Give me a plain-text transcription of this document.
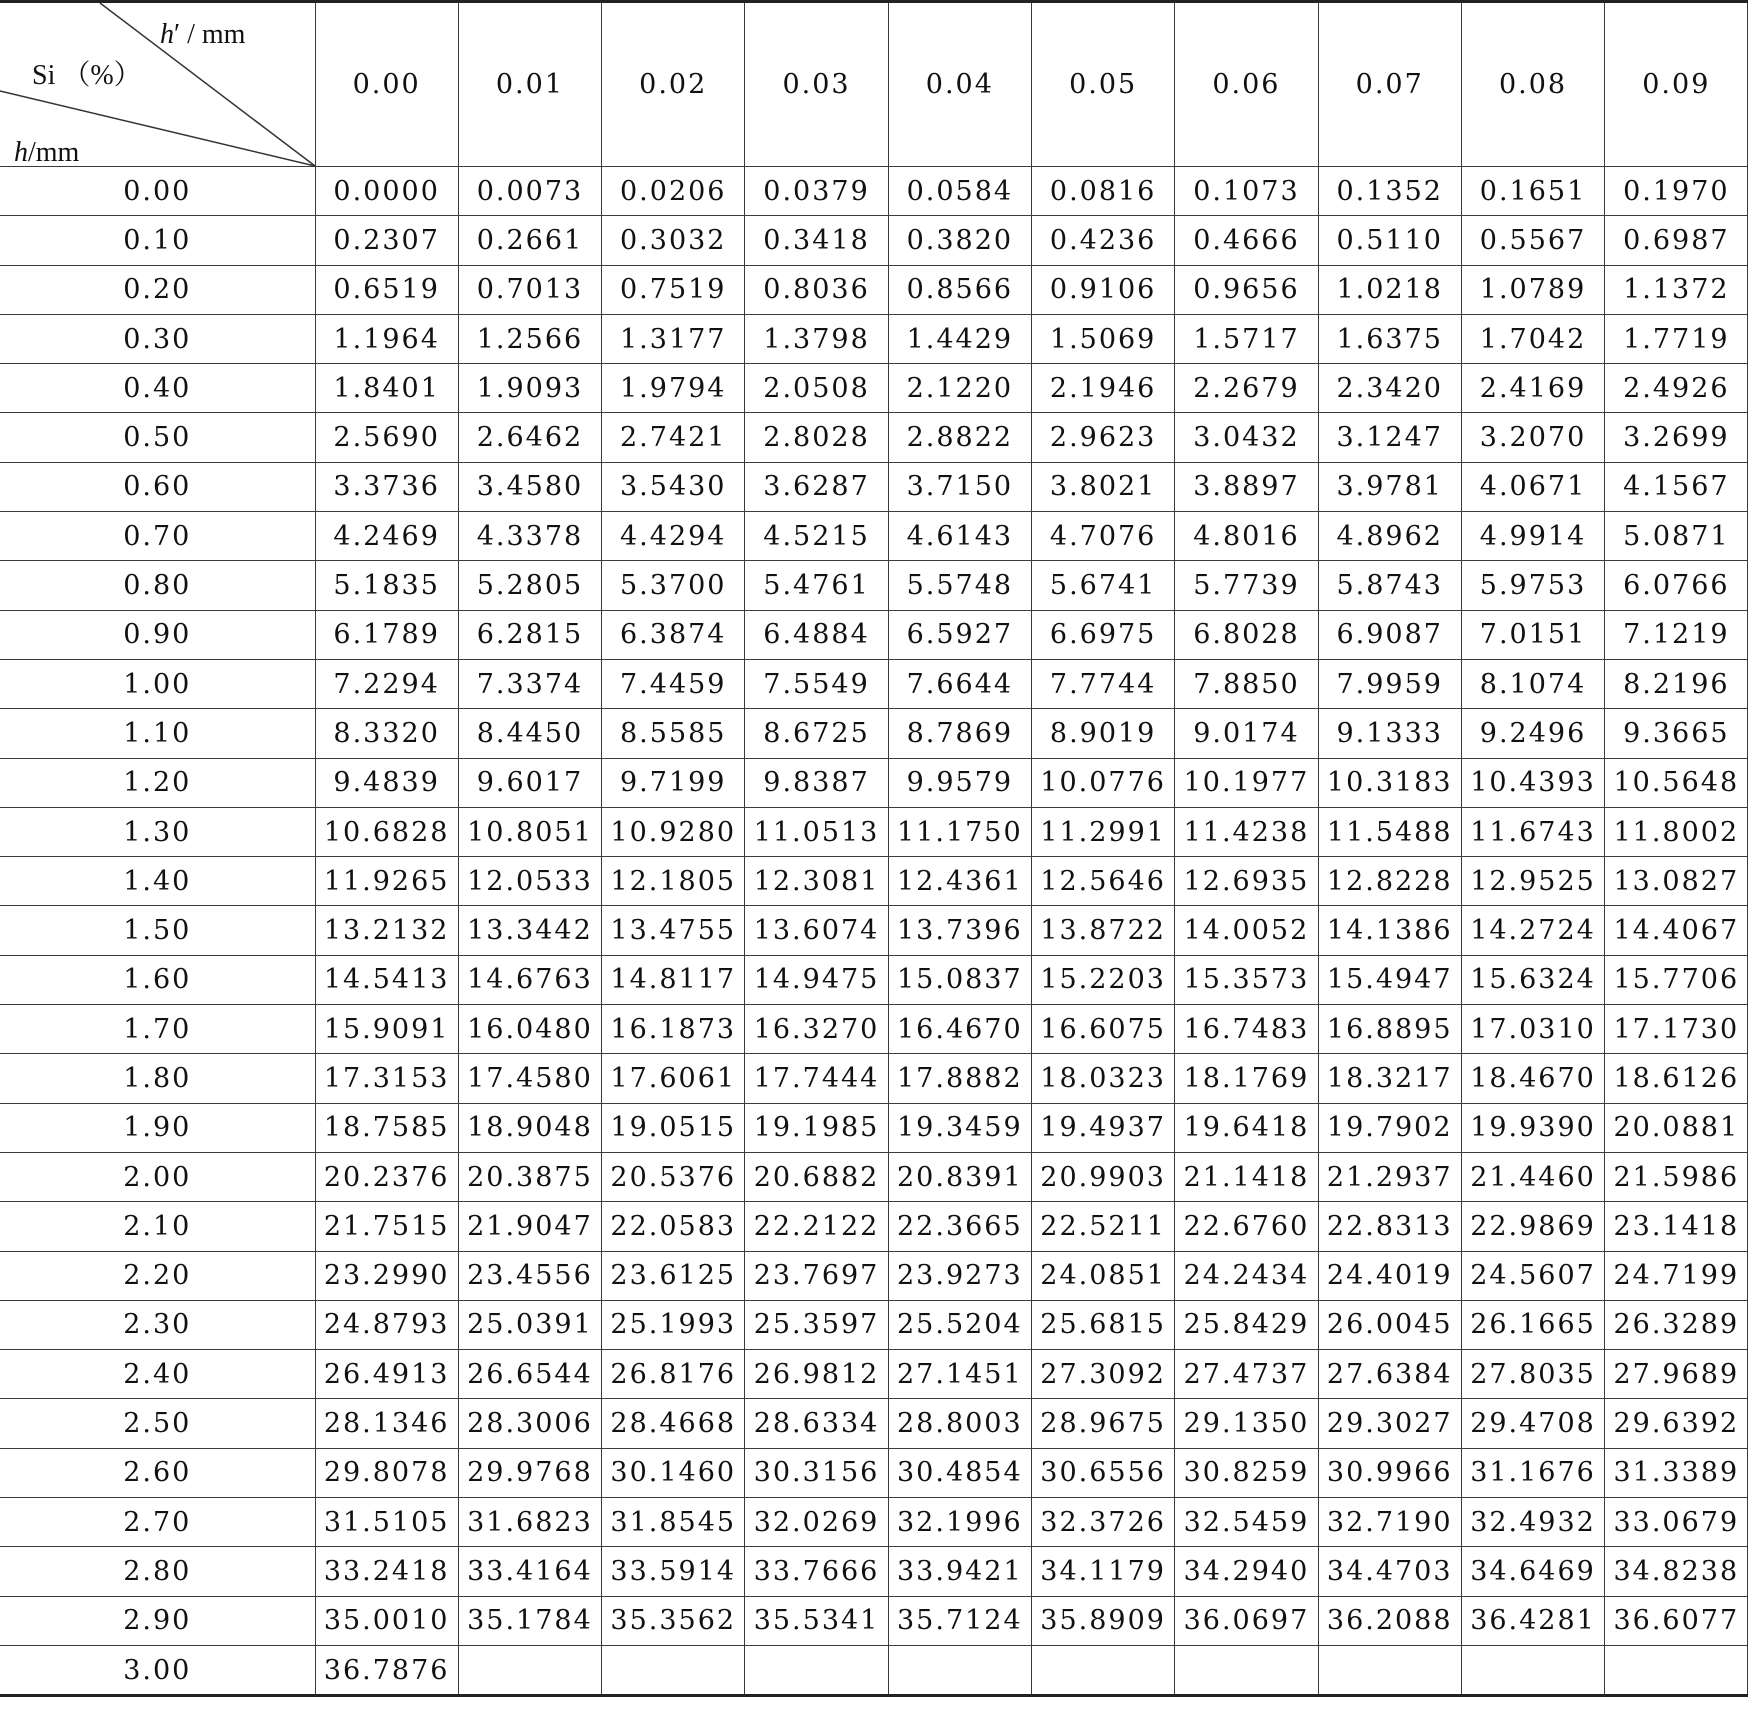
h′ / mm
Si （%）
h/mm	0.00	0.01	0.02	0.03	0.04	0.05	0.06	0.07	0.08	0.09
0.00	0.0000	0.0073	0.0206	0.0379	0.0584	0.0816	0.1073	0.1352	0.1651	0.1970
0.10	0.2307	0.2661	0.3032	0.3418	0.3820	0.4236	0.4666	0.5110	0.5567	0.6987
0.20	0.6519	0.7013	0.7519	0.8036	0.8566	0.9106	0.9656	1.0218	1.0789	1.1372
0.30	1.1964	1.2566	1.3177	1.3798	1.4429	1.5069	1.5717	1.6375	1.7042	1.7719
0.40	1.8401	1.9093	1.9794	2.0508	2.1220	2.1946	2.2679	2.3420	2.4169	2.4926
0.50	2.5690	2.6462	2.7421	2.8028	2.8822	2.9623	3.0432	3.1247	3.2070	3.2699
0.60	3.3736	3.4580	3.5430	3.6287	3.7150	3.8021	3.8897	3.9781	4.0671	4.1567
0.70	4.2469	4.3378	4.4294	4.5215	4.6143	4.7076	4.8016	4.8962	4.9914	5.0871
0.80	5.1835	5.2805	5.3700	5.4761	5.5748	5.6741	5.7739	5.8743	5.9753	6.0766
0.90	6.1789	6.2815	6.3874	6.4884	6.5927	6.6975	6.8028	6.9087	7.0151	7.1219
1.00	7.2294	7.3374	7.4459	7.5549	7.6644	7.7744	7.8850	7.9959	8.1074	8.2196
1.10	8.3320	8.4450	8.5585	8.6725	8.7869	8.9019	9.0174	9.1333	9.2496	9.3665
1.20	9.4839	9.6017	9.7199	9.8387	9.9579	10.0776	10.1977	10.3183	10.4393	10.5648
1.30	10.6828	10.8051	10.9280	11.0513	11.1750	11.2991	11.4238	11.5488	11.6743	11.8002
1.40	11.9265	12.0533	12.1805	12.3081	12.4361	12.5646	12.6935	12.8228	12.9525	13.0827
1.50	13.2132	13.3442	13.4755	13.6074	13.7396	13.8722	14.0052	14.1386	14.2724	14.4067
1.60	14.5413	14.6763	14.8117	14.9475	15.0837	15.2203	15.3573	15.4947	15.6324	15.7706
1.70	15.9091	16.0480	16.1873	16.3270	16.4670	16.6075	16.7483	16.8895	17.0310	17.1730
1.80	17.3153	17.4580	17.6061	17.7444	17.8882	18.0323	18.1769	18.3217	18.4670	18.6126
1.90	18.7585	18.9048	19.0515	19.1985	19.3459	19.4937	19.6418	19.7902	19.9390	20.0881
2.00	20.2376	20.3875	20.5376	20.6882	20.8391	20.9903	21.1418	21.2937	21.4460	21.5986
2.10	21.7515	21.9047	22.0583	22.2122	22.3665	22.5211	22.6760	22.8313	22.9869	23.1418
2.20	23.2990	23.4556	23.6125	23.7697	23.9273	24.0851	24.2434	24.4019	24.5607	24.7199
2.30	24.8793	25.0391	25.1993	25.3597	25.5204	25.6815	25.8429	26.0045	26.1665	26.3289
2.40	26.4913	26.6544	26.8176	26.9812	27.1451	27.3092	27.4737	27.6384	27.8035	27.9689
2.50	28.1346	28.3006	28.4668	28.6334	28.8003	28.9675	29.1350	29.3027	29.4708	29.6392
2.60	29.8078	29.9768	30.1460	30.3156	30.4854	30.6556	30.8259	30.9966	31.1676	31.3389
2.70	31.5105	31.6823	31.8545	32.0269	32.1996	32.3726	32.5459	32.7190	32.4932	33.0679
2.80	33.2418	33.4164	33.5914	33.7666	33.9421	34.1179	34.2940	34.4703	34.6469	34.8238
2.90	35.0010	35.1784	35.3562	35.5341	35.7124	35.8909	36.0697	36.2088	36.4281	36.6077
3.00	36.7876									
